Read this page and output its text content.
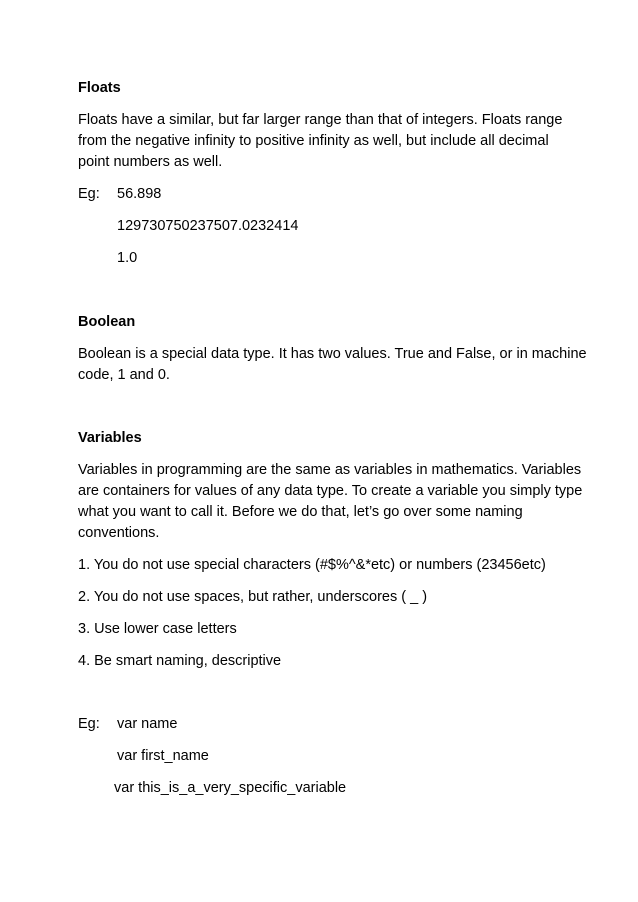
Floats
Floats have a similar, but far larger range than that of integers. Floats range
from the negative infinity to positive infinity as well, but include all decimal
point numbers as well.
Eg: 56.898
129730750237507.0232414
1.0
Boolean
Boolean is a special data type. It has two values. True and False, or in machine
code, 1 and 0.
Variables
Variables in programming are the same as variables in mathematics. Variables
are containers for values of any data type. To create a variable you simply type
what you want to call it. Before we do that, let’s go over some naming
conventions.
1. You do not use special characters (#$%^&*etc) or numbers (23456etc)
2. You do not use spaces, but rather, underscores ( _ )
3. Use lower case letters
4. Be smart naming, descriptive
Eg: var name
var first_name
var this_is_a_very_specific_variable
